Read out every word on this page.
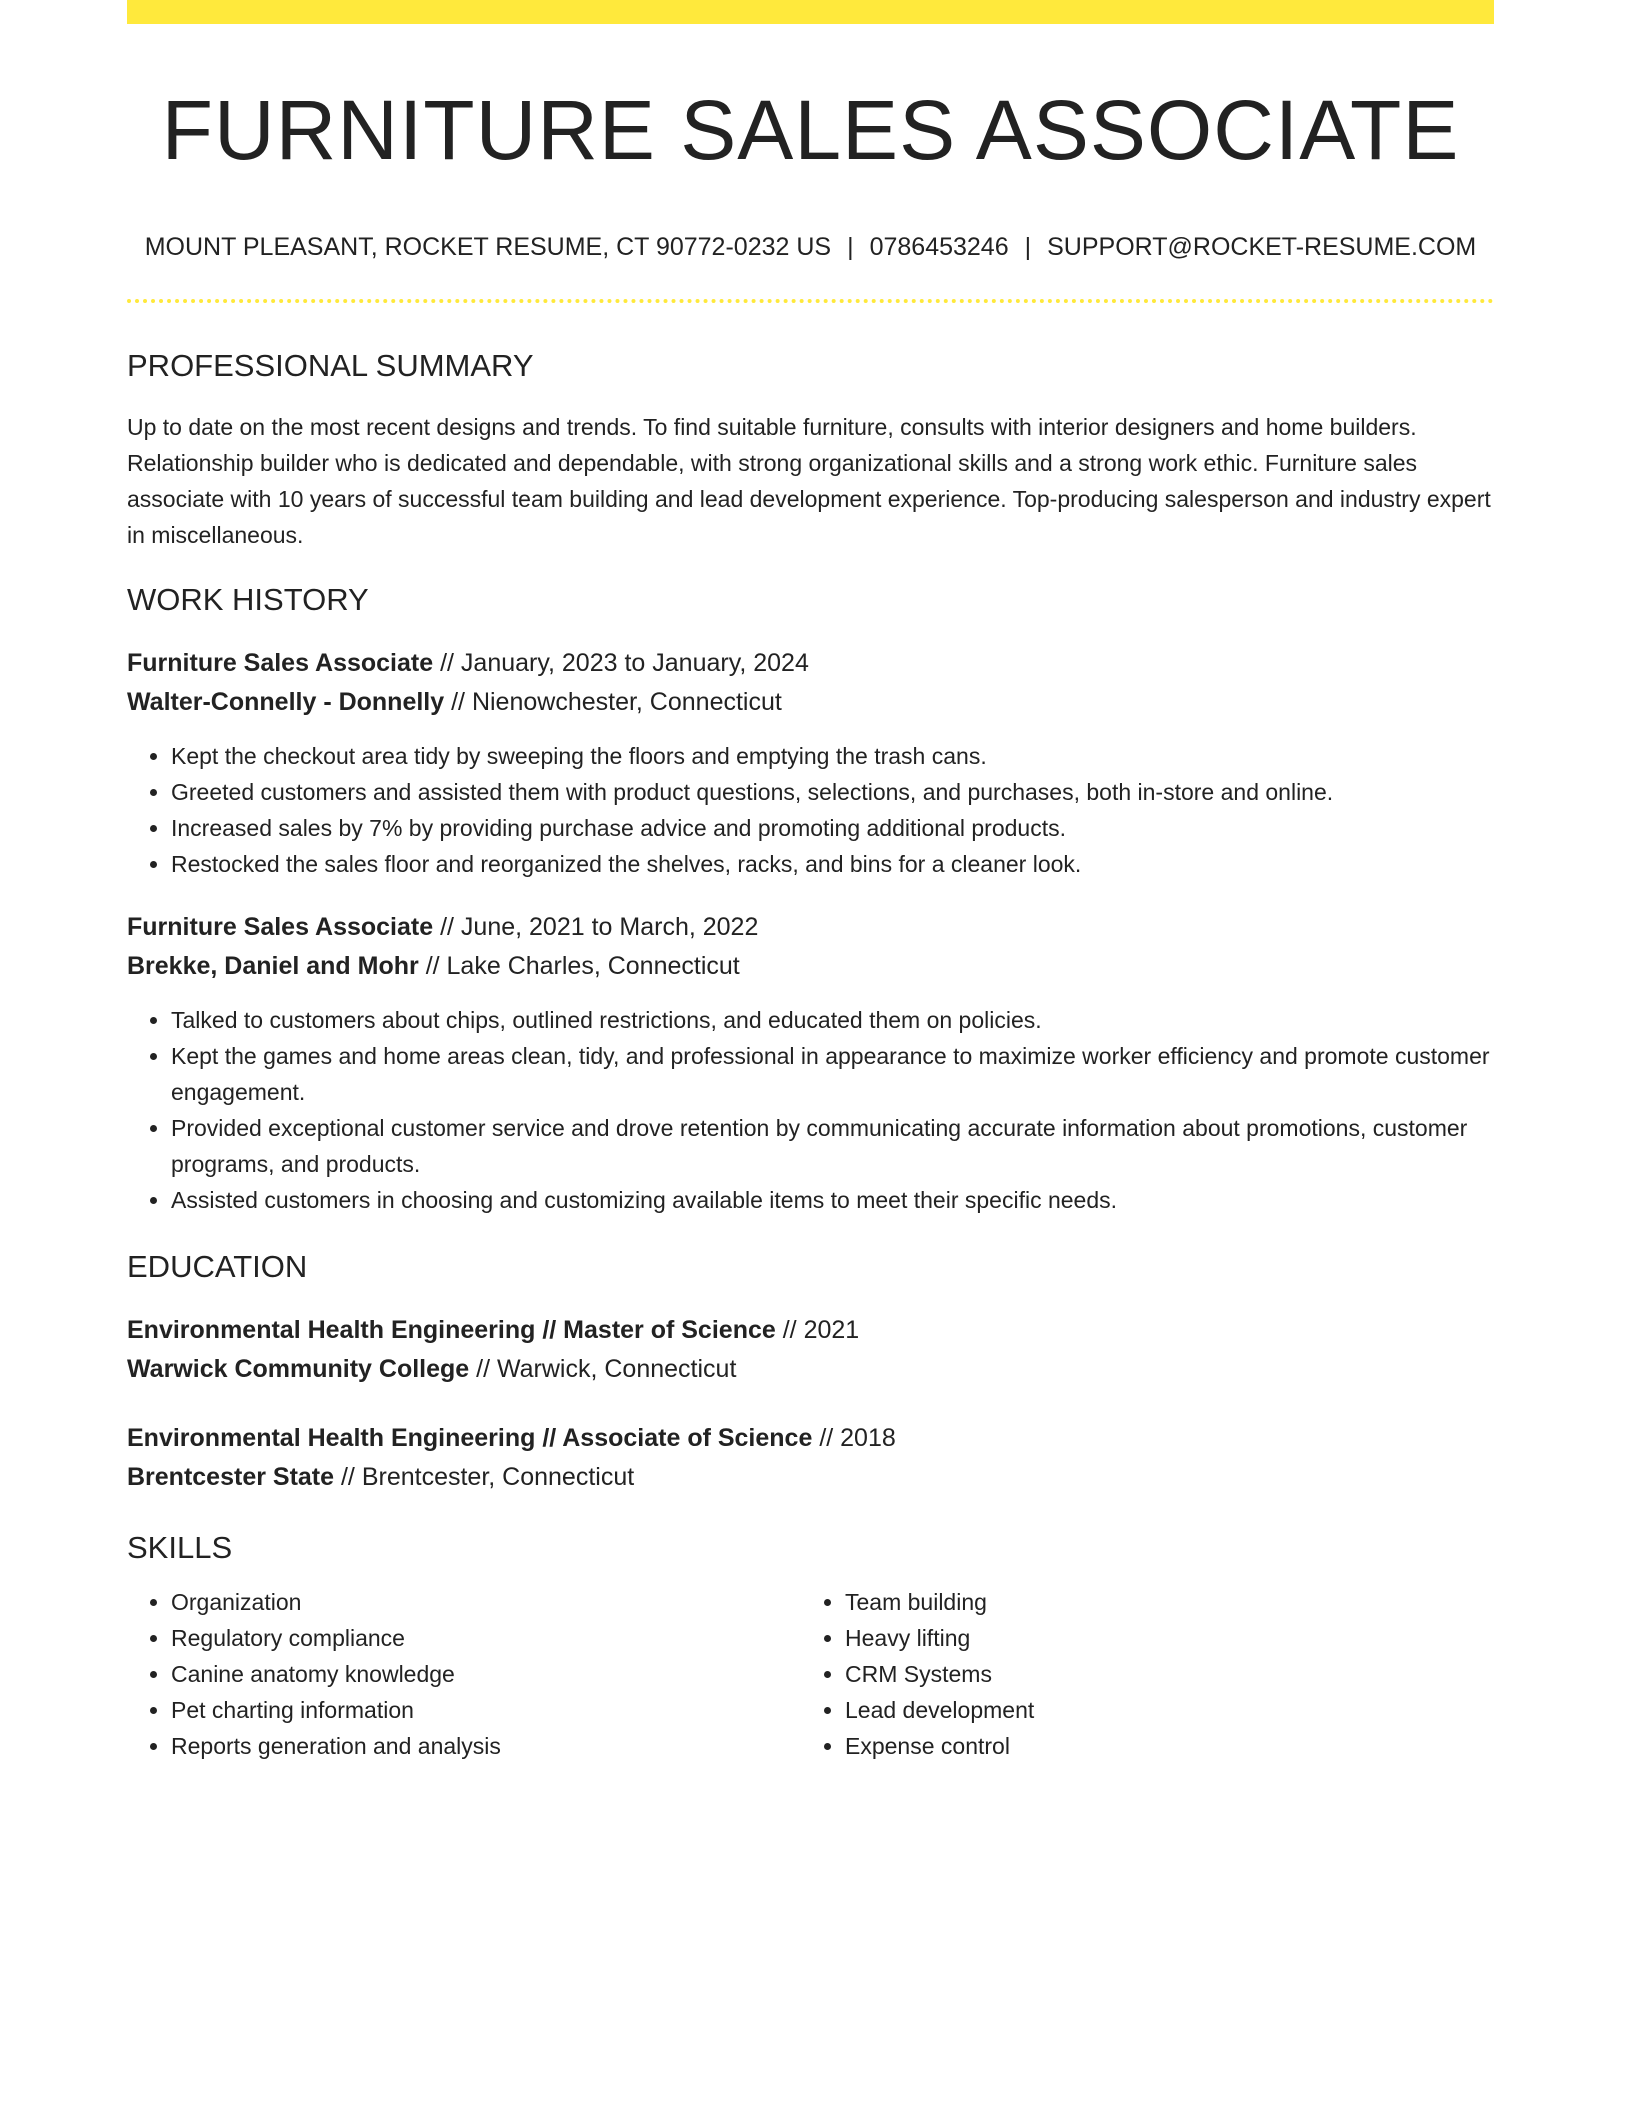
FURNITURE SALES ASSOCIATE
MOUNT PLEASANT, ROCKET RESUME, CT 90772-0232 US | 0786453246 | SUPPORT@ROCKET-RESUME.COM
PROFESSIONAL SUMMARY

Up to date on the most recent designs and trends. To find suitable furniture, consults with interior designers and home builders. Relationship builder who is dedicated and dependable, with strong organizational skills and a strong work ethic. Furniture sales associate with 10 years of successful team building and lead development experience. Top-producing salesperson and industry expert in miscellaneous.

WORK HISTORY
Furniture Sales Associate // January, 2023 to January, 2024
Walter-Connelly - Donnelly // Nienowchester, Connecticut
• Kept the checkout area tidy by sweeping the floors and emptying the trash cans.
• Greeted customers and assisted them with product questions, selections, and purchases, both in-store and online.
• Increased sales by 7% by providing purchase advice and promoting additional products.
• Restocked the sales floor and reorganized the shelves, racks, and bins for a cleaner look.
Furniture Sales Associate // June, 2021 to March, 2022
Brekke, Daniel and Mohr // Lake Charles, Connecticut
• Talked to customers about chips, outlined restrictions, and educated them on policies.
• Kept the games and home areas clean, tidy, and professional in appearance to maximize worker efficiency and promote customer engagement.
• Provided exceptional customer service and drove retention by communicating accurate information about promotions, customer programs, and products.
• Assisted customers in choosing and customizing available items to meet their specific needs.
EDUCATION
Environmental Health Engineering // Master of Science // 2021
Warwick Community College // Warwick, Connecticut
Environmental Health Engineering // Associate of Science // 2018
Brentcester State // Brentcester, Connecticut
SKILLS
• Organization
• Regulatory compliance
• Canine anatomy knowledge
• Pet charting information
• Reports generation and analysis
• Team building
• Heavy lifting
• CRM Systems
• Lead development
• Expense control
